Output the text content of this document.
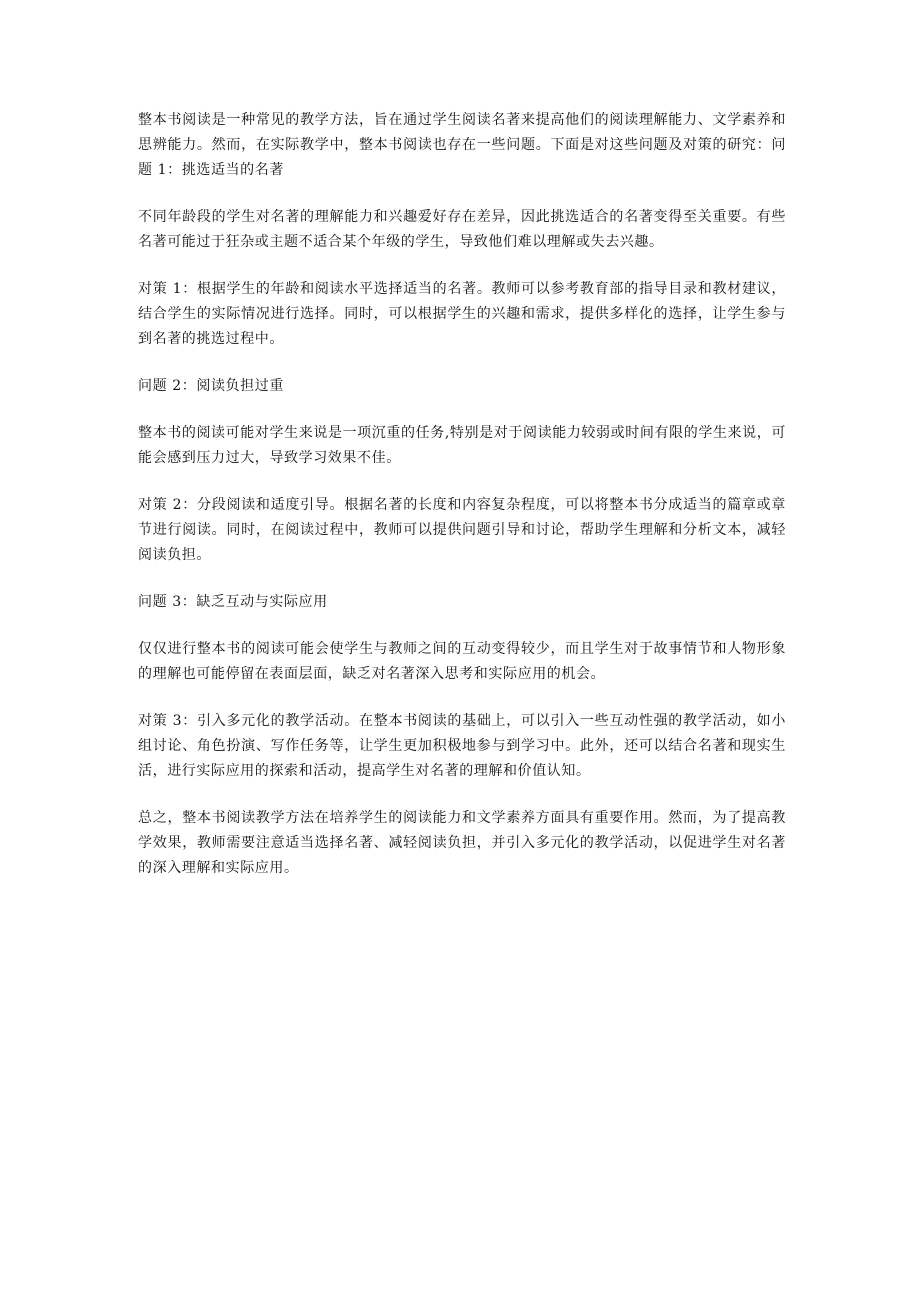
整本书阅读是一种常见的教学方法，旨在通过学生阅读名著来提高他们的阅读理解能力、文学素养和思辨能力。然而，在实际教学中，整本书阅读也存在一些问题。下面是对这些问题及对策的研究：问题 1：挑选适当的名著

不同年龄段的学生对名著的理解能力和兴趣爱好存在差异，因此挑选适合的名著变得至关重要。有些名著可能过于狂杂或主题不适合某个年级的学生，导致他们难以理解或失去兴趣。

对策 1：根据学生的年龄和阅读水平选择适当的名著。教师可以参考教育部的指导目录和教材建议，结合学生的实际情况进行选择。同时，可以根据学生的兴趣和需求，提供多样化的选择，让学生参与到名著的挑选过程中。

问题 2：阅读负担过重

整本书的阅读可能对学生来说是一项沉重的任务,特别是对于阅读能力较弱或时间有限的学生来说，可能会感到压力过大，导致学习效果不佳。

对策 2：分段阅读和适度引导。根据名著的长度和内容复杂程度，可以将整本书分成适当的篇章或章节进行阅读。同时，在阅读过程中，教师可以提供问题引导和讨论，帮助学生理解和分析文本，减轻阅读负担。

问题 3：缺乏互动与实际应用

仅仅进行整本书的阅读可能会使学生与教师之间的互动变得较少，而且学生对于故事情节和人物形象的理解也可能停留在表面层面，缺乏对名著深入思考和实际应用的机会。

对策 3：引入多元化的教学活动。在整本书阅读的基础上，可以引入一些互动性强的教学活动，如小组讨论、角色扮演、写作任务等，让学生更加积极地参与到学习中。此外，还可以结合名著和现实生活，进行实际应用的探索和活动，提高学生对名著的理解和价值认知。

总之，整本书阅读教学方法在培养学生的阅读能力和文学素养方面具有重要作用。然而，为了提高教学效果，教师需要注意适当选择名著、减轻阅读负担，并引入多元化的教学活动，以促进学生对名著的深入理解和实际应用。
